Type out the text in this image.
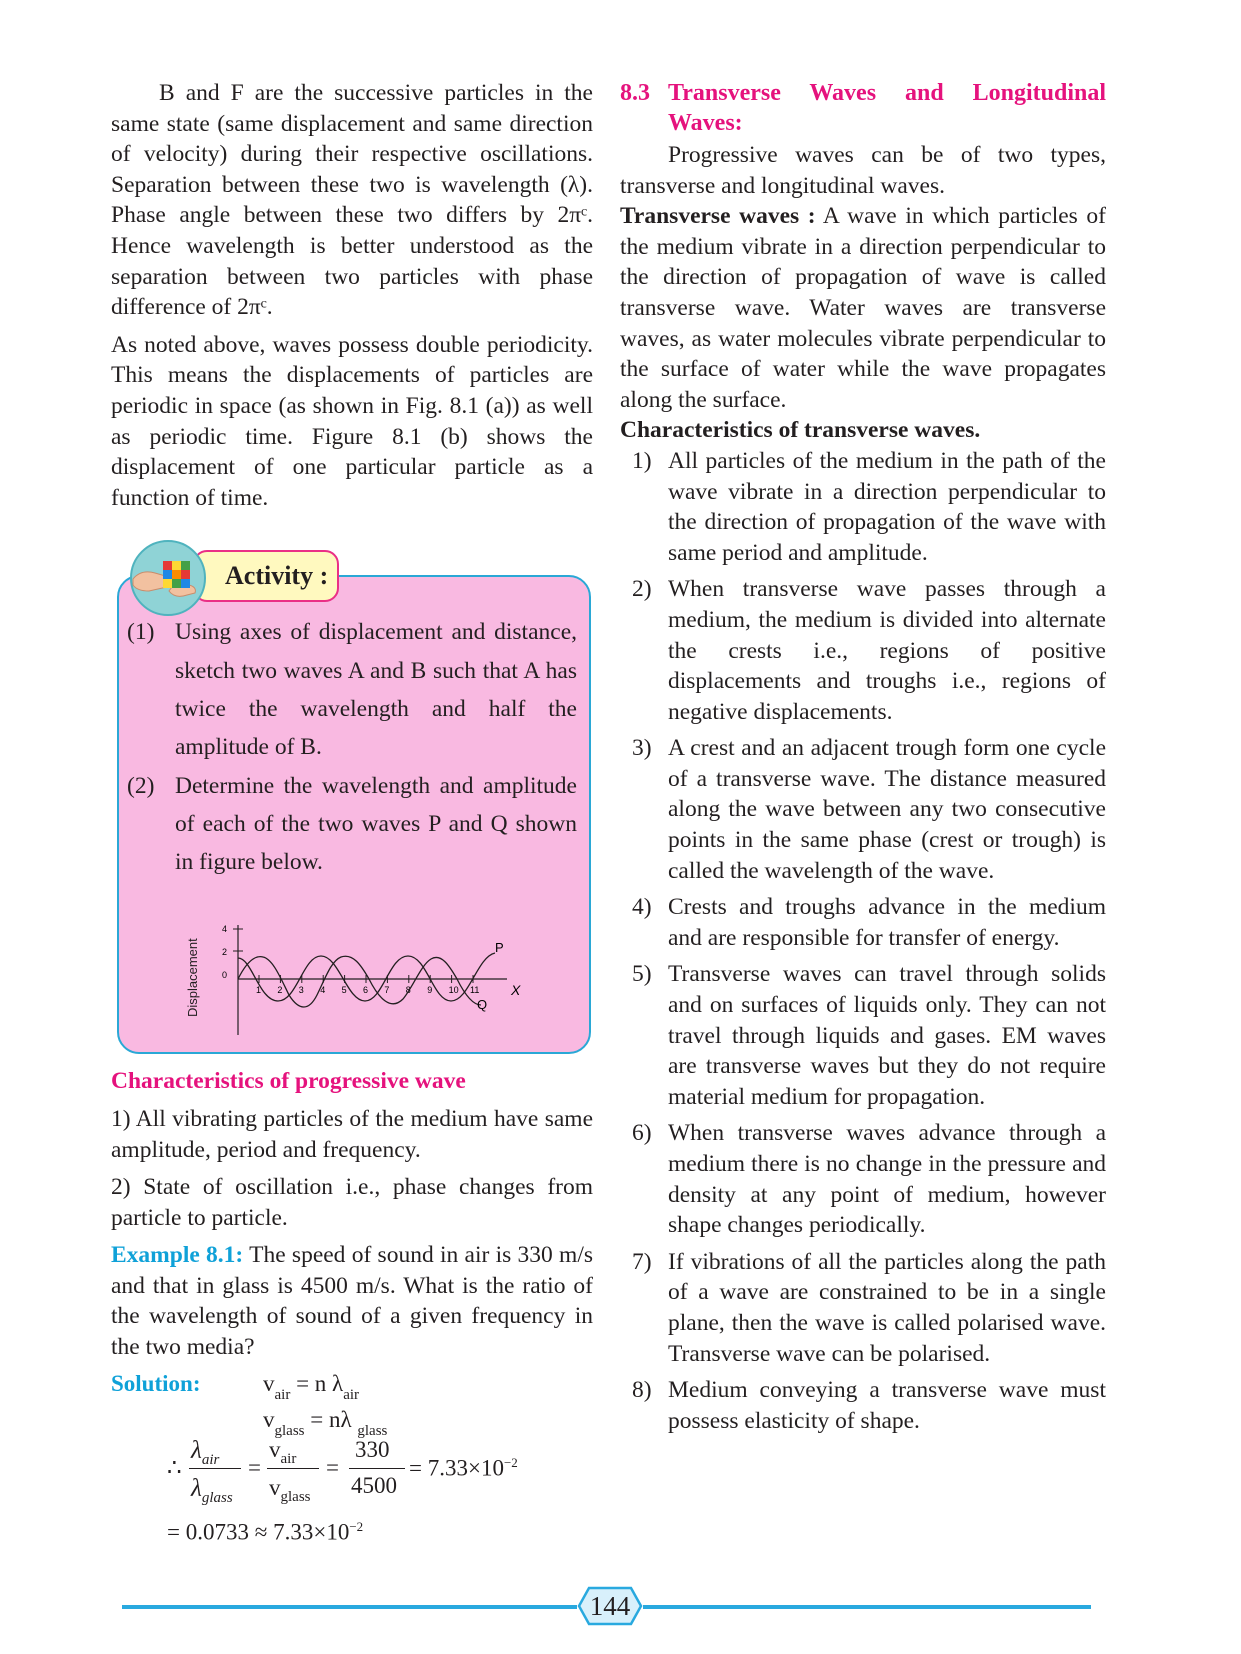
B and F are the successive particles in the same state (same displacement and same direction of velocity) during their respective oscillations. Separation between these two is wavelength (λ). Phase angle between these two differs by 2πᶜ. Hence wavelength is better understood as the separation between two particles with phase difference of 2πᶜ.

As noted above, waves possess double periodicity. This means the displacements of particles are periodic in space (as shown in Fig. 8.1 (a)) as well as periodic time. Figure 8.1 (b) shows the displacement of one particular particle as a function of time.

Activity :
(1) Using axes of displacement and distance, sketch two waves A and B such that A has twice the wavelength and half the amplitude of B.
(2) Determine the wavelength and amplitude of each of the two waves P and Q shown in figure below.
Displacement
4
2
0
1 2 3 4 5 6 7 8 9 10 11
P
Q
X

Characteristics of progressive wave

1) All vibrating particles of the medium have same amplitude, period and frequency.

2) State of oscillation i.e., phase changes from particle to particle.

Example 8.1: The speed of sound in air is 330 m/s and that in glass is 4500 m/s. What is the ratio of the wavelength of sound of a given frequency in the two media?

Solution:	$v_{air} = n$ $\lambda_{air}$
$v_{glass} = n\lambda$ $_{glass}$
∴
$\lambda_{air}$
$\lambda_{glass}$
=
$v_{air}$
$v_{glass}$
=
330
4500
= $7.33\times 10^{-2}$
= $0.0733 \approx 7.33\times 10^{-2}$
8.3 Transverse Waves and Longitudinal Waves:

Progressive waves can be of two types, transverse and longitudinal waves.

Transverse waves : A wave in which particles of the medium vibrate in a direction perpendicular to the direction of propagation of wave is called transverse wave. Water waves are transverse waves, as water molecules vibrate perpendicular to the surface of water while the wave propagates along the surface.

Characteristics of transverse waves.

1) All particles of the medium in the path of the wave vibrate in a direction perpendicular to the direction of propagation of the wave with same period and amplitude.
2) When transverse wave passes through a medium, the medium is divided into alternate the crests i.e., regions of positive displacements and troughs i.e., regions of negative displacements.
3) A crest and an adjacent trough form one cycle of a transverse wave. The distance measured along the wave between any two consecutive points in the same phase (crest or trough) is called the wavelength of the wave.
4) Crests and troughs advance in the medium and are responsible for transfer of energy.
5) Transverse waves can travel through solids and on surfaces of liquids only. They can not travel through liquids and gases. EM waves are transverse waves but they do not require material medium for propagation.
6) When transverse waves advance through a medium there is no change in the pressure and density at any point of medium, however shape changes periodically.
7) If vibrations of all the particles along the path of a wave are constrained to be in a single plane, then the wave is called polarised wave. Transverse wave can be polarised.
8) Medium conveying a transverse wave must possess elasticity of shape.
144
